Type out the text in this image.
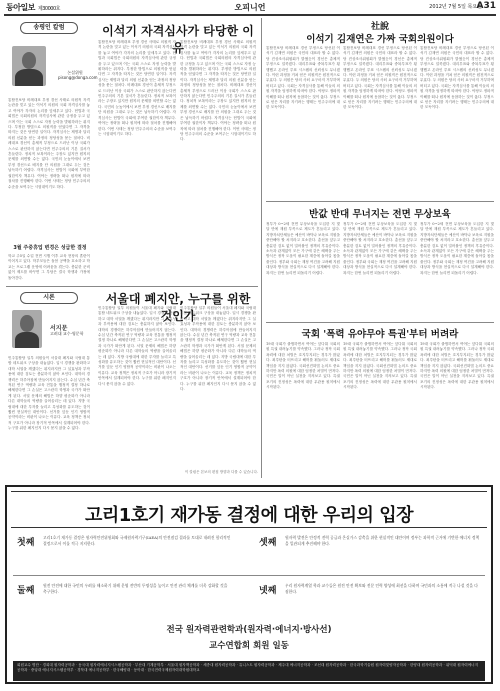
동아일보 제30000호	오피니언	2012년 7월 5일 목요일
A31
송평인 칼럼
논설위원
pisong@donga.com
통합진보당 비례대표 부정 경선 사태로 의원직 자격 논란을 빚고 있는 이석기 의원의 국회 자격심사를 놓고 여야가 각자의 논리를 앞세우고 있다. 헌법과 국회법은 국회의원의 자격심사에 관한 규정을 두고 있으며 이는 국회 스스로 자정 능력을 발휘하라는 취지다. 부정한 방법으로 의원직을 얻었다면 그 자격을 따지는 것은 당연한 일이다. 자격심사는 제명과 달리 의원 신분을 얻는 과정의 정당성을 묻는 절차다. 비례대표 경선이 총체적 부정으로 드러난 이상 국회가 스스로 판단하지 않는다면 민주주의의 기본 질서가 흔들린다. 정치적 보복이라는 주장도 있지만 원칙의 문제를 외면할 수는 없다. 국민의 눈높이에서 보면 부정 경선으로 배지를 단 의원을 그대로 두는 것은 납득하기 어렵다. 자격심사는 헌법이 국회에 부여한 권한이자 책무다. 여야는 정략을 떠나 원칙에 따라 절차를 진행해야 한다. 이번 사태는 정당 민주주의의 수준을 보여주는 시험대이기도 하다.
3월 주중휴업 변경은 성급한 결정
학교 주5일 수업 전면 시행 이후 교육 현장의 혼란이 이어지고 있다. 학부모들은 돌봄 공백을 호소하고 학교는 프로그램 운영에 어려움을 겪는다. 충분한 준비 없이 제도를 바꾸면 그 부담은 결국 학생과 가정에 돌아간다.
이석기 자격심사가 타당한 이유
통합진보당 비례대표 부정 경선 사태로 의원직 자격 논란을 빚고 있는 이석기 의원의 국회 자격심사를 놓고 여야가 각자의 논리를 앞세우고 있다. 헌법과 국회법은 국회의원의 자격심사에 관한 규정을 두고 있으며 이는 국회 스스로 자정 능력을 발휘하라는 취지다. 부정한 방법으로 의원직을 얻었다면 그 자격을 따지는 것은 당연한 일이다. 자격심사는 제명과 달리 의원 신분을 얻는 과정의 정당성을 묻는 절차다. 비례대표 경선이 총체적 부정으로 드러난 이상 국회가 스스로 판단하지 않는다면 민주주의의 기본 질서가 흔들린다. 정치적 보복이라는 주장도 있지만 원칙의 문제를 외면할 수는 없다. 국민의 눈높이에서 보면 부정 경선으로 배지를 단 의원을 그대로 두는 것은 납득하기 어렵다. 자격심사는 헌법이 국회에 부여한 권한이자 책무다. 여야는 정략을 떠나 원칙에 따라 절차를 진행해야 한다. 이번 사태는 정당 민주주의의 수준을 보여주는 시험대이기도 하다.
통합진보당 비례대표 부정 경선 사태로 의원직 자격 논란을 빚고 있는 이석기 의원의 국회 자격심사를 놓고 여야가 각자의 논리를 앞세우고 있다. 헌법과 국회법은 국회의원의 자격심사에 관한 규정을 두고 있으며 이는 국회 스스로 자정 능력을 발휘하라는 취지다. 부정한 방법으로 의원직을 얻었다면 그 자격을 따지는 것은 당연한 일이다. 자격심사는 제명과 달리 의원 신분을 얻는 과정의 정당성을 묻는 절차다. 비례대표 경선이 총체적 부정으로 드러난 이상 국회가 스스로 판단하지 않는다면 민주주의의 기본 질서가 흔들린다. 정치적 보복이라는 주장도 있지만 원칙의 문제를 외면할 수는 없다. 국민의 눈높이에서 보면 부정 경선으로 배지를 단 의원을 그대로 두는 것은 납득하기 어렵다. 자격심사는 헌법이 국회에 부여한 권한이자 책무다. 여야는 정략을 떠나 원칙에 따라 절차를 진행해야 한다. 이번 사태는 정당 민주주의의 수준을 보여주는 시험대이기도 하다.
시론
서지문
고려대 교수·영문학
민주통합당 일부 의원들이 서울대 폐지와 국립대 통합 네트워크 구상을 내놓았다. 입시 경쟁을 완화하고 대학 서열을 깨겠다는 취지라지만 그 실효성과 부작용에 대한 검토는 충분하지 않아 보인다. 대학의 경쟁력은 하루아침에 만들어지지 않는다. 수십 년간 축적된 연구 역량과 교육 전통을 행정적 결정 하나로 해체한다면 그 손실은 고스란히 학생과 국가가 떠안게 된다. 서열 문제의 해법은 하향 평준화가 아니라 다른 대학들의 역량을 끌어올리는 데 있다. 지방 국립대에 대한 투자를 늘리고 특성화를 유도하는 것이 훨씬 현실적인 대안이다. 선거를 앞둔 인기 영합적 공약이라는 비판이 나오는 이유다. 교육 정책은 정치적 구호가 아니라 장기적 안목에서 설계되어야 한다. 누구를 위한 폐지인지 다시 묻지 않을 수 없다.
서울대 폐지안, 누구를 위한 것인가
민주통합당 일부 의원들이 서울대 폐지와 국립대 통합 네트워크 구상을 내놓았다. 입시 경쟁을 완화하고 대학 서열을 깨겠다는 취지라지만 그 실효성과 부작용에 대한 검토는 충분하지 않아 보인다. 대학의 경쟁력은 하루아침에 만들어지지 않는다. 수십 년간 축적된 연구 역량과 교육 전통을 행정적 결정 하나로 해체한다면 그 손실은 고스란히 학생과 국가가 떠안게 된다. 서열 문제의 해법은 하향 평준화가 아니라 다른 대학들의 역량을 끌어올리는 데 있다. 지방 국립대에 대한 투자를 늘리고 특성화를 유도하는 것이 훨씬 현실적인 대안이다. 선거를 앞둔 인기 영합적 공약이라는 비판이 나오는 이유다. 교육 정책은 정치적 구호가 아니라 장기적 안목에서 설계되어야 한다. 누구를 위한 폐지인지 다시 묻지 않을 수 없다.
민주통합당 일부 의원들이 서울대 폐지와 국립대 통합 네트워크 구상을 내놓았다. 입시 경쟁을 완화하고 대학 서열을 깨겠다는 취지라지만 그 실효성과 부작용에 대한 검토는 충분하지 않아 보인다. 대학의 경쟁력은 하루아침에 만들어지지 않는다. 수십 년간 축적된 연구 역량과 교육 전통을 행정적 결정 하나로 해체한다면 그 손실은 고스란히 학생과 국가가 떠안게 된다. 서열 문제의 해법은 하향 평준화가 아니라 다른 대학들의 역량을 끌어올리는 데 있다. 지방 국립대에 대한 투자를 늘리고 특성화를 유도하는 것이 훨씬 현실적인 대안이다. 선거를 앞둔 인기 영합적 공약이라는 비판이 나오는 이유다. 교육 정책은 정치적 구호가 아니라 장기적 안목에서 설계되어야 한다. 누구를 위한 폐지인지 다시 묻지 않을 수 없다.
이 칼럼은 본보의 편집 방향과 다를 수 있습니다.
社說
이석기 김재연은 가짜 국회의원이다
통합진보당 비례대표 경선 부정으로 당선된 이석기 김재연 의원은 국민의 대표라 할 수 없다. 당 진상조사위원회가 밝혔듯이 경선은 총체적 부정으로 얼룩졌다. 대리투표와 중복투표가 횡행했고 온라인 투표 시스템의 신뢰성도 무너졌다. 이런 과정을 거쳐 얻은 의원직은 원천적으로 무효다. 두 의원은 당의 사퇴 요구마저 거부하며 버티고 있다. 국회는 자격심사를 통해 이들의 의원 자격을 엄정하게 따져야 한다. 야당도 정파적 이해를 떠나 원칙에 동참하는 것이 옳다. 부정으로 얻은 자리를 지키려는 행태는 민주주의에 대한 모독이다.
통합진보당 비례대표 경선 부정으로 당선된 이석기 김재연 의원은 국민의 대표라 할 수 없다. 당 진상조사위원회가 밝혔듯이 경선은 총체적 부정으로 얼룩졌다. 대리투표와 중복투표가 횡행했고 온라인 투표 시스템의 신뢰성도 무너졌다. 이런 과정을 거쳐 얻은 의원직은 원천적으로 무효다. 두 의원은 당의 사퇴 요구마저 거부하며 버티고 있다. 국회는 자격심사를 통해 이들의 의원 자격을 엄정하게 따져야 한다. 야당도 정파적 이해를 떠나 원칙에 동참하는 것이 옳다. 부정으로 얻은 자리를 지키려는 행태는 민주주의에 대한 모독이다.
통합진보당 비례대표 경선 부정으로 당선된 이석기 김재연 의원은 국민의 대표라 할 수 없다. 당 진상조사위원회가 밝혔듯이 경선은 총체적 부정으로 얼룩졌다. 대리투표와 중복투표가 횡행했고 온라인 투표 시스템의 신뢰성도 무너졌다. 이런 과정을 거쳐 얻은 의원직은 원천적으로 무효다. 두 의원은 당의 사퇴 요구마저 거부하며 버티고 있다. 국회는 자격심사를 통해 이들의 의원 자격을 엄정하게 따져야 한다. 야당도 정파적 이해를 떠나 원칙에 동참하는 것이 옳다. 부정으로 얻은 자리를 지키려는 행태는 민주주의에 대한 모독이다.
반값 반대 무너지는 전면 무상보육
정부가 0~2세 전면 무상보육을 도입한 지 몇 달 만에 재원 부족으로 제도가 흔들리고 있다. 지방자치단체들은 예산이 바닥나 보육료 지원을 중단해야 할 처지라고 호소한다. 총선을 앞두고 충분한 검토 없이 밀어붙인 정책의 후유증이다. 소득과 관계없이 모든 가구에 같은 혜택을 주는 방식은 정작 도움이 필요한 계층에 돌아갈 몫을 줄인다. 정부와 국회는 재정 여건을 고려해 지원 대상과 방식을 현실적으로 다시 설계해야 한다. 복지는 한번 늘리면 되돌리기 어렵다.
정부가 0~2세 전면 무상보육을 도입한 지 몇 달 만에 재원 부족으로 제도가 흔들리고 있다. 지방자치단체들은 예산이 바닥나 보육료 지원을 중단해야 할 처지라고 호소한다. 총선을 앞두고 충분한 검토 없이 밀어붙인 정책의 후유증이다. 소득과 관계없이 모든 가구에 같은 혜택을 주는 방식은 정작 도움이 필요한 계층에 돌아갈 몫을 줄인다. 정부와 국회는 재정 여건을 고려해 지원 대상과 방식을 현실적으로 다시 설계해야 한다. 복지는 한번 늘리면 되돌리기 어렵다.
정부가 0~2세 전면 무상보육을 도입한 지 몇 달 만에 재원 부족으로 제도가 흔들리고 있다. 지방자치단체들은 예산이 바닥나 보육료 지원을 중단해야 할 처지라고 호소한다. 총선을 앞두고 충분한 검토 없이 밀어붙인 정책의 후유증이다. 소득과 관계없이 모든 가구에 같은 혜택을 주는 방식은 정작 도움이 필요한 계층에 돌아갈 몫을 줄인다. 정부와 국회는 재정 여건을 고려해 지원 대상과 방식을 현실적으로 다시 설계해야 한다. 복지는 한번 늘리면 되돌리기 어렵다.
국회 '폭력 유야무야 특권'부터 버려라
19대 국회가 출범하면서 여야는 앞다퉈 국회의원 특권 내려놓기를 약속했다. 그러나 정작 국회 폭력에 대한 처벌은 흐지부지되는 경우가 많았다. 최루탄을 터뜨리고 해머를 휘둘러도 제대로 책임을 지지 않았다. 국회선진화법 논의도 중요하지만 폭력 의원에 대한 엄정한 처벌이 먼저다. 국민은 말이 아닌 실천을 지켜보고 있다. 특권 포기의 진정성은 폭력에 대한 무관용 원칙에서 시작된다.
19대 국회가 출범하면서 여야는 앞다퉈 국회의원 특권 내려놓기를 약속했다. 그러나 정작 국회 폭력에 대한 처벌은 흐지부지되는 경우가 많았다. 최루탄을 터뜨리고 해머를 휘둘러도 제대로 책임을 지지 않았다. 국회선진화법 논의도 중요하지만 폭력 의원에 대한 엄정한 처벌이 먼저다. 국민은 말이 아닌 실천을 지켜보고 있다. 특권 포기의 진정성은 폭력에 대한 무관용 원칙에서 시작된다.
19대 국회가 출범하면서 여야는 앞다퉈 국회의원 특권 내려놓기를 약속했다. 그러나 정작 국회 폭력에 대한 처벌은 흐지부지되는 경우가 많았다. 최루탄을 터뜨리고 해머를 휘둘러도 제대로 책임을 지지 않았다. 국회선진화법 논의도 중요하지만 폭력 의원에 대한 엄정한 처벌이 먼저다. 국민은 말이 아닌 실천을 지켜보고 있다. 특권 포기의 진정성은 폭력에 대한 무관용 원칙에서 시작된다.
고리1호기 재가동 결정에 대한 우리의 입장
첫째
고리1호기 재가동 결정은 원자력안전위원회와 국제원자력기구(IAEA)의 안전점검 결과를 토대로 내려진 합리적인 결정으로서 이를 적극 지지한다.	셋째
원자력 발전은 안정적 전력 공급과 온실가스 감축을 위한 현실적인 대안이며 정부는 과학적 근거에 기반한 에너지 정책을 일관되게 추진해야 한다.
둘째
원전 안전에 대한 국민의 우려를 해소하기 위해 운영 전반의 투명성을 높이고 안전 관리 체계를 더욱 강화할 것을 촉구한다.	넷째
우리 원자력계열 학과 교수들은 원전 안전 확보와 전문 인력 양성에 최선을 다하며 국민과의 소통에 적극 나설 것을 다짐한다.
전국 원자력관련학과(원자력·에너지·방사선)
교수연합회 회원 일동
회원교수 명단 - 경희대 원자력공학과 · 동국대 원자력에너지시스템공학과 · 부산대 기계공학부 · 서울대 원자핵공학과 · 세종대 원자력공학과 · 유니스트 원자력공학과 · 제주대 에너지공학과 · 조선대 원자력공학과 · 한국과학기술원 원자력및양자공학과 · 한양대 원자력공학과 · 위덕대 원자력에너지공학과 · 중앙대 에너지시스템공학부 · 경북대 에너지공학부 · 한국해양대 · 동아대 · 한국전력국제원자력대학원대학교
